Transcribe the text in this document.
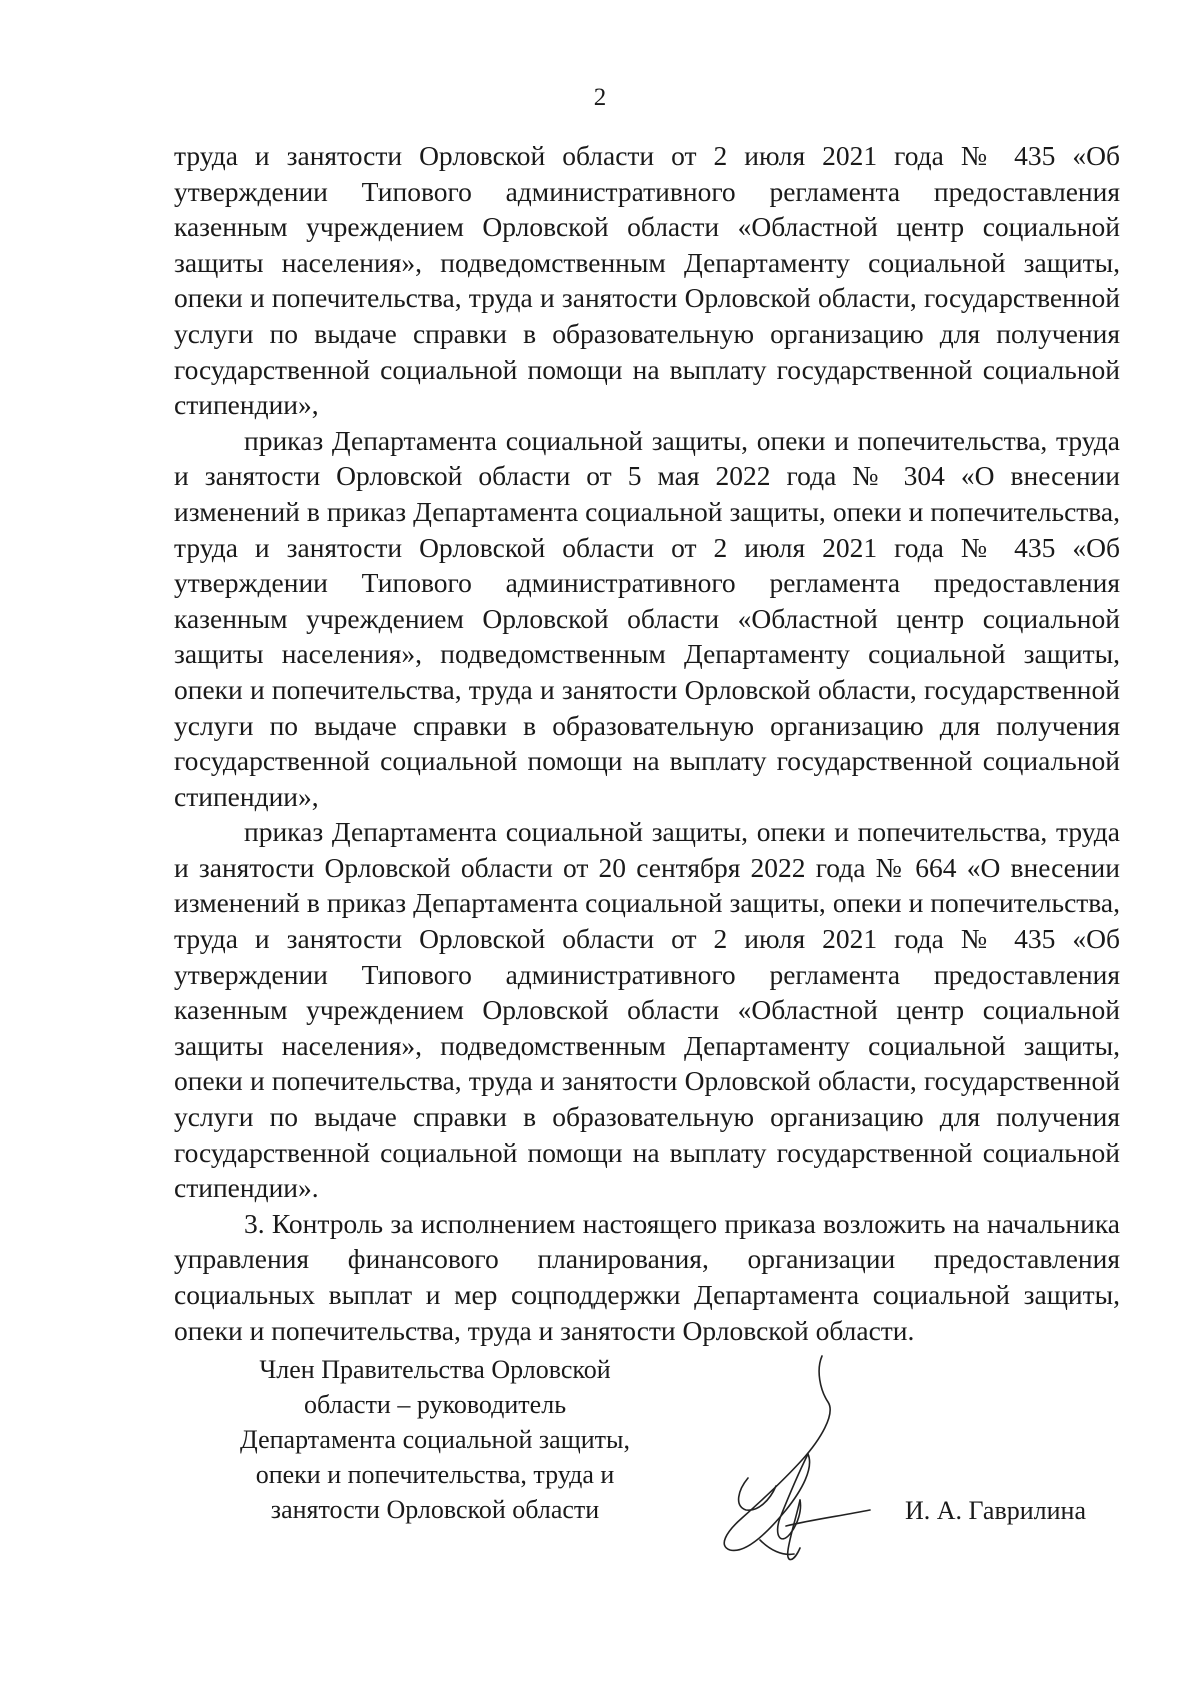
2

труда и занятости Орловской области от 2 июля 2021 года № 435 «Об утверждении Типового административного регламента предоставления казенным учреждением Орловской области «Областной центр социальной защиты населения», подведомственным Департаменту социальной защиты, опеки и попечительства, труда и занятости Орловской области, государственной услуги по выдаче справки в образовательную организацию для получения государственной социальной помощи на выплату государственной социальной стипендии»,

приказ Департамента социальной защиты, опеки и попечительства, труда и занятости Орловской области от 5 мая 2022 года № 304 «О внесении изменений в приказ Департамента социальной защиты, опеки и попечительства, труда и занятости Орловской области от 2 июля 2021 года № 435 «Об утверждении Типового административного регламента предоставления казенным учреждением Орловской области «Областной центр социальной защиты населения», подведомственным Департаменту социальной защиты, опеки и попечительства, труда и занятости Орловской области, государственной услуги по выдаче справки в образовательную организацию для получения государственной социальной помощи на выплату государственной социальной стипендии»,

приказ Департамента социальной защиты, опеки и попечительства, труда и занятости Орловской области от 20 сентября 2022 года № 664 «О внесении изменений в приказ Департамента социальной защиты, опеки и попечительства, труда и занятости Орловской области от 2 июля 2021 года № 435 «Об утверждении Типового административного регламента предоставления казенным учреждением Орловской области «Областной центр социальной защиты населения», подведомственным Департаменту социальной защиты, опеки и попечительства, труда и занятости Орловской области, государственной услуги по выдаче справки в образовательную организацию для получения государственной социальной помощи на выплату государственной социальной стипендии».

3. Контроль за исполнением настоящего приказа возложить на начальника управления финансового планирования, организации предоставления социальных выплат и мер соцподдержки Департамента социальной защиты, опеки и попечительства, труда и занятости Орловской области.

Член Правительства Орловской
области – руководитель
Департамента социальной защиты,
опеки и попечительства, труда и
занятости Орловской области	И. А. Гаврилина
